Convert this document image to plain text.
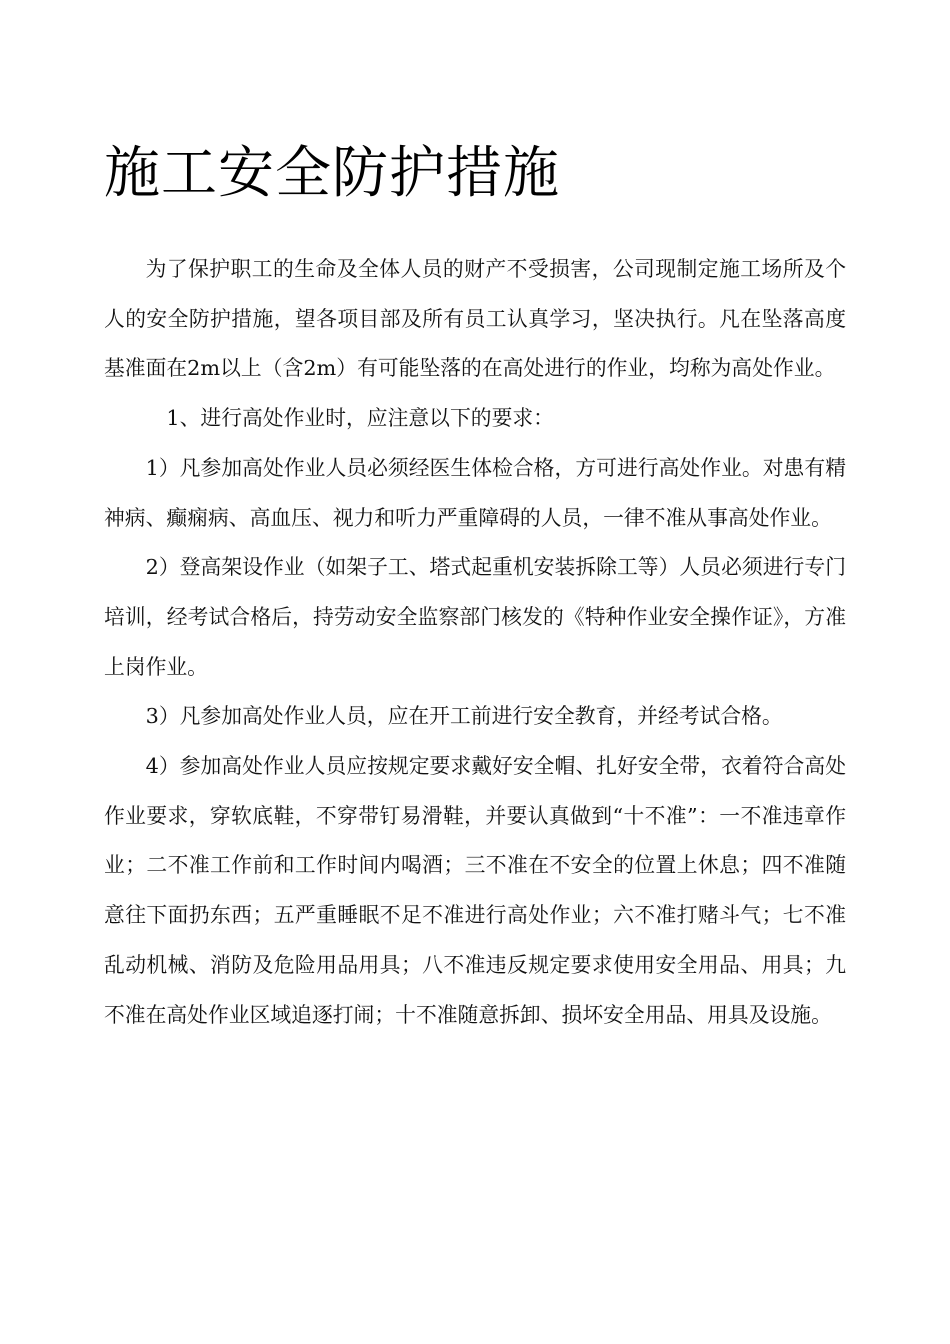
施工安全防护措施

为了保护职工的生命及全体人员的财产不受损害，公司现制定施工场所及个人的安全防护措施，望各项目部及所有员工认真学习，坚决执行。凡在坠落高度基准面在2m以上（含2m）有可能坠落的在高处进行的作业，均称为高处作业。

1、进行高处作业时，应注意以下的要求：

1）凡参加高处作业人员必须经医生体检合格，方可进行高处作业。对患有精神病、癫痫病、高血压、视力和听力严重障碍的人员，一律不准从事高处作业。

2）登高架设作业（如架子工、塔式起重机安装拆除工等）人员必须进行专门培训，经考试合格后，持劳动安全监察部门核发的《特种作业安全操作证》，方准上岗作业。

3）凡参加高处作业人员，应在开工前进行安全教育，并经考试合格。

4）参加高处作业人员应按规定要求戴好安全帽、扎好安全带，衣着符合高处作业要求，穿软底鞋，不穿带钉易滑鞋，并要认真做到“十不准”：一不准违章作业；二不准工作前和工作时间内喝酒；三不准在不安全的位置上休息；四不准随意往下面扔东西；五严重睡眠不足不准进行高处作业；六不准打赌斗气；七不准乱动机械、消防及危险用品用具；八不准违反规定要求使用安全用品、用具；九不准在高处作业区域追逐打闹；十不准随意拆卸、损坏安全用品、用具及设施。
